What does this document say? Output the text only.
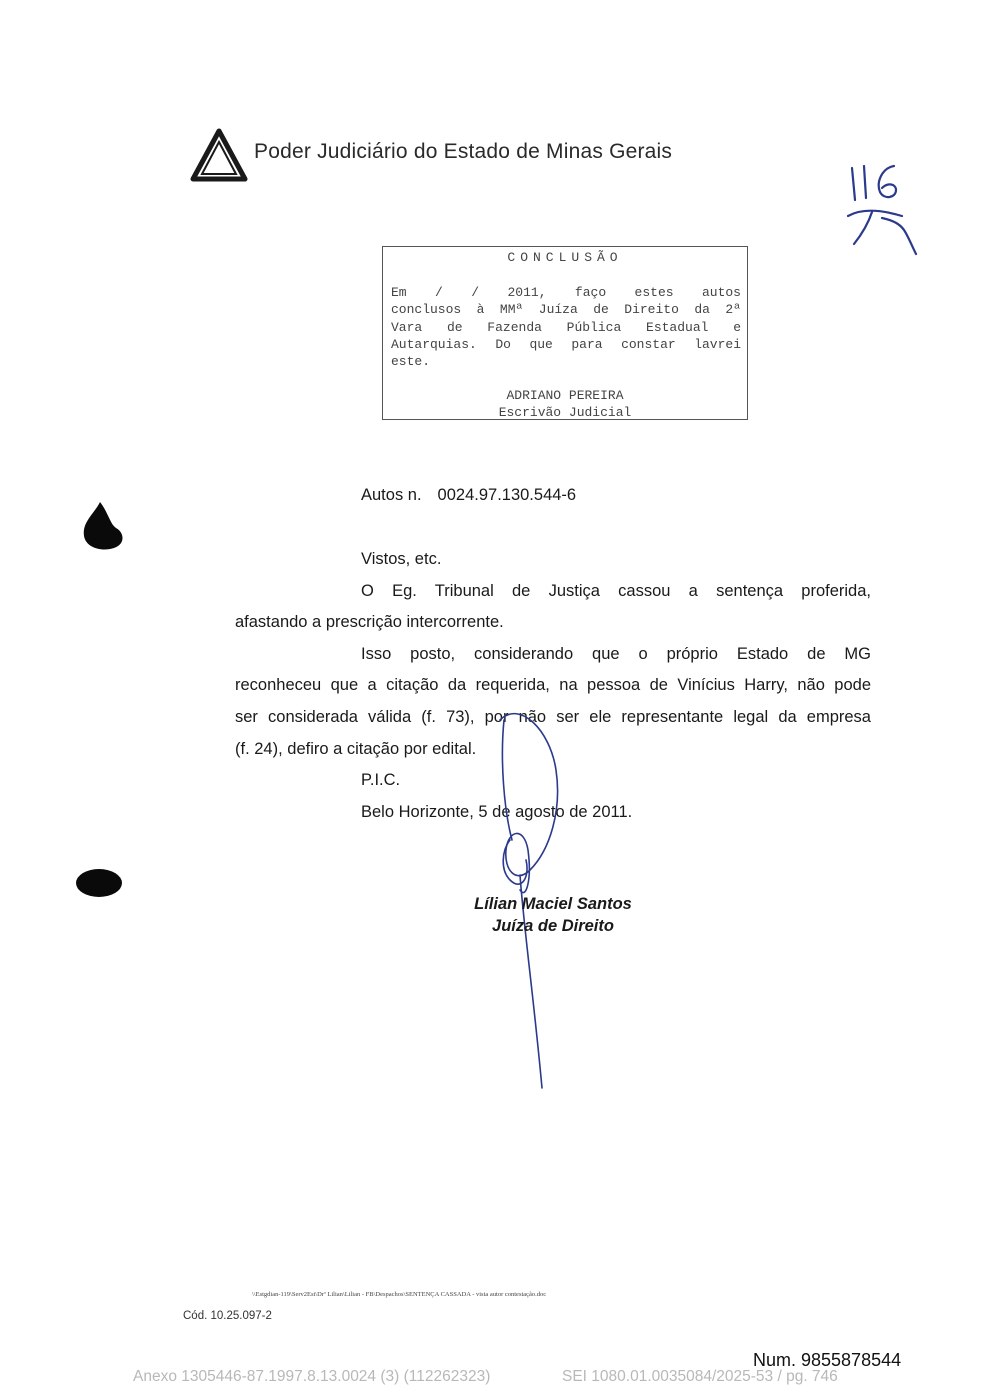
Poder Judiciário do Estado de Minas Gerais
CONCLUSÃO
Em / / 2011, faço estes autos
conclusos à MMª Juíza de Direito da 2ª
Vara de Fazenda Pública Estadual e
Autarquias. Do que para constar lavrei
este.
ADRIANO PEREIRA
Escrivão Judicial
Autos n. 0024.97.130.544-6
Vistos, etc.
O Eg. Tribunal de Justiça cassou a sentença proferida,
afastando a prescrição intercorrente.
Isso posto, considerando que o próprio Estado de MG
reconheceu que a citação da requerida, na pessoa de Vinícius Harry, não pode
ser considerada válida (f. 73), por não ser ele representante legal da empresa
(f. 24), defiro a citação por edital.
P.I.C.
Belo Horizonte, 5 de agosto de 2011.
Lílian Maciel Santos
Juíza de Direito
\\Estgdian-119\Serv2Est\Drª Lilian\Lilian - FB\Despachos\SENTENÇA CASSADA - vista autor contestação.doc
Cód. 10.25.097-2
Num. 9855878544
Anexo 1305446-87.1997.8.13.0024 (3) (112262323)	SEI 1080.01.0035084/2025-53 / pg. 746
